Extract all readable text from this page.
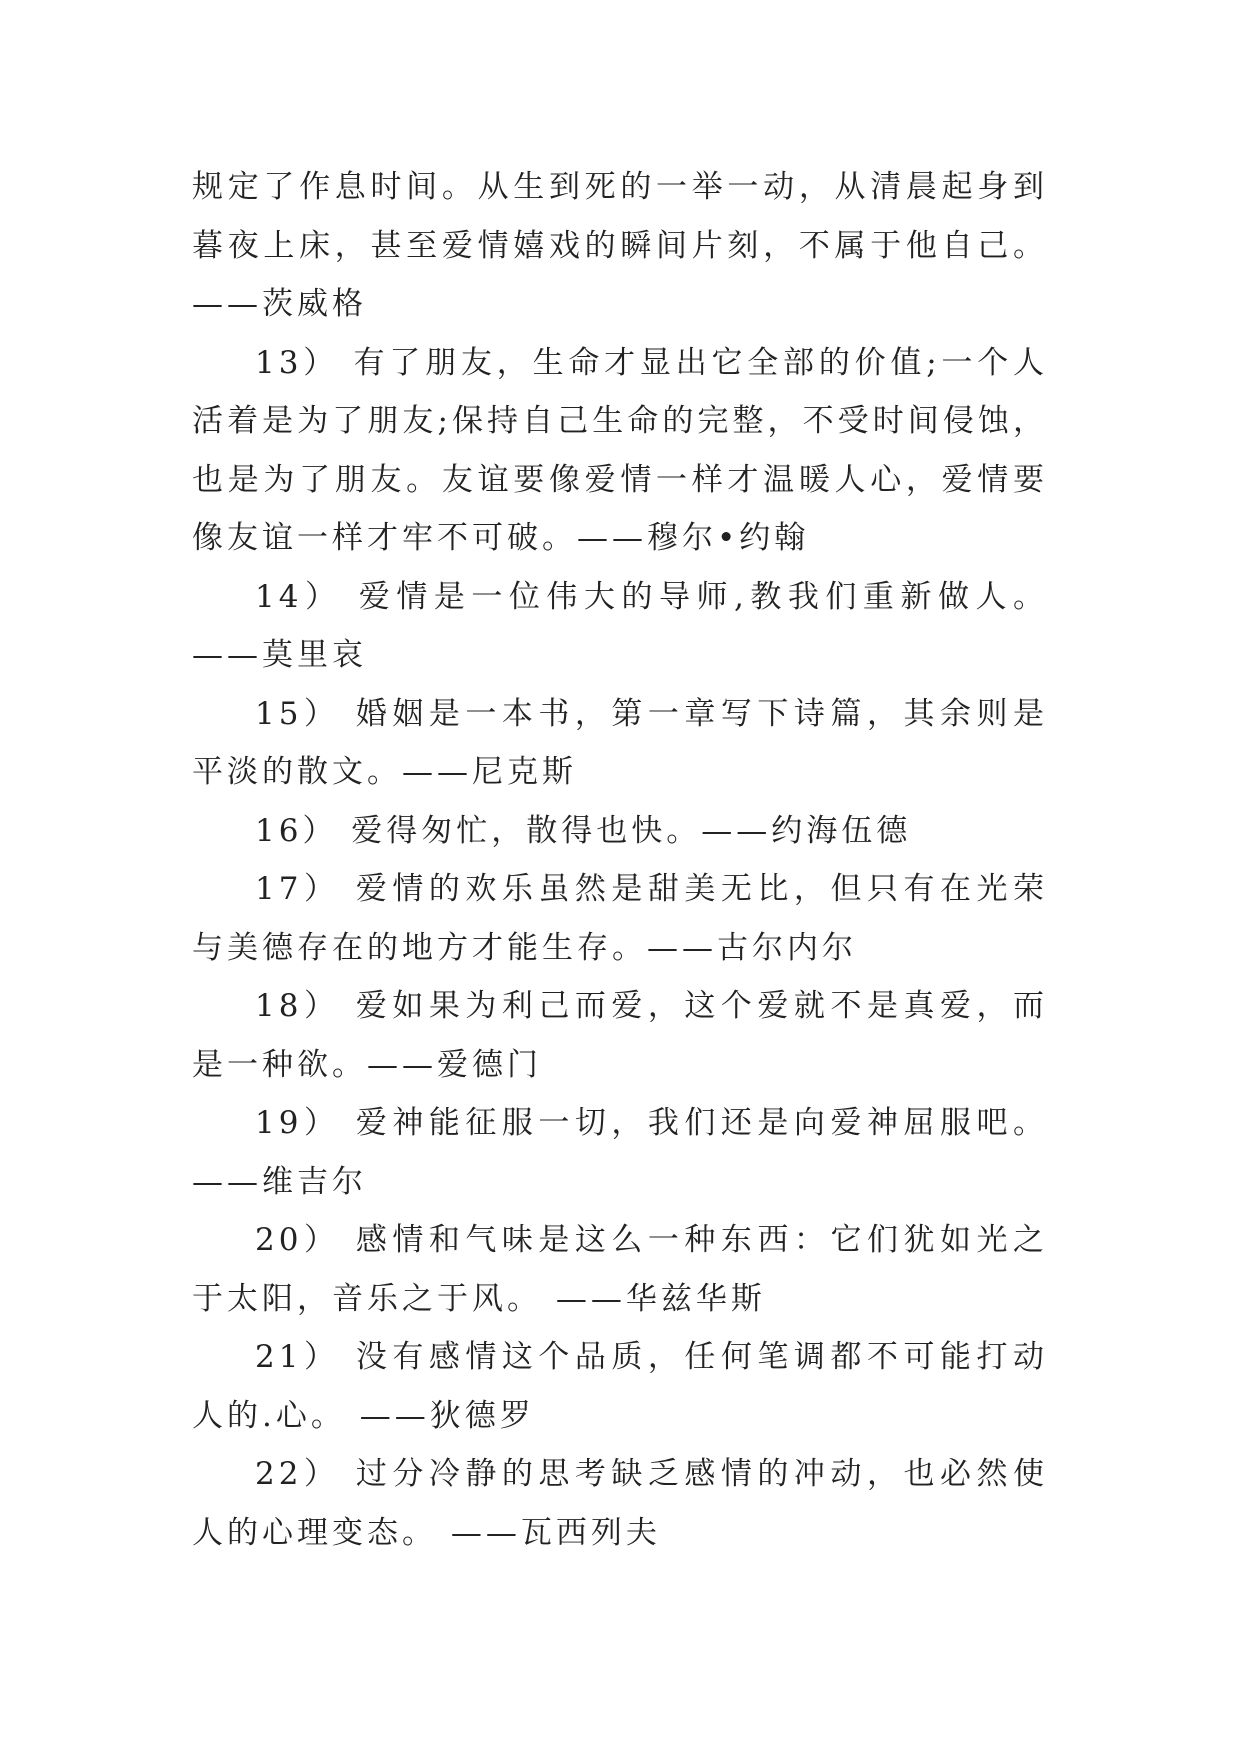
规定了作息时间。从生到死的一举一动，从清晨起身到暮夜上床，甚至爱情嬉戏的瞬间片刻，不属于他自己。——茨威格

13） 有了朋友，生命才显出它全部的价值;一个人活着是为了朋友;保持自己生命的完整，不受时间侵蚀，也是为了朋友。友谊要像爱情一样才温暖人心，爱情要像友谊一样才牢不可破。——穆尔•约翰

14） 爱情是一位伟大的导师,教我们重新做人。——莫里哀

15） 婚姻是一本书，第一章写下诗篇，其余则是平淡的散文。——尼克斯

16） 爱得匆忙，散得也快。——约海伍德

17） 爱情的欢乐虽然是甜美无比，但只有在光荣与美德存在的地方才能生存。——古尔内尔

18） 爱如果为利己而爱，这个爱就不是真爱，而是一种欲。——爱德门

19） 爱神能征服一切，我们还是向爱神屈服吧。——维吉尔

20） 感情和气味是这么一种东西：它们犹如光之于太阳，音乐之于风。 ——华兹华斯

21） 没有感情这个品质，任何笔调都不可能打动人的.心。 ——狄德罗

22） 过分冷静的思考缺乏感情的冲动，也必然使人的心理变态。 ——瓦西列夫
